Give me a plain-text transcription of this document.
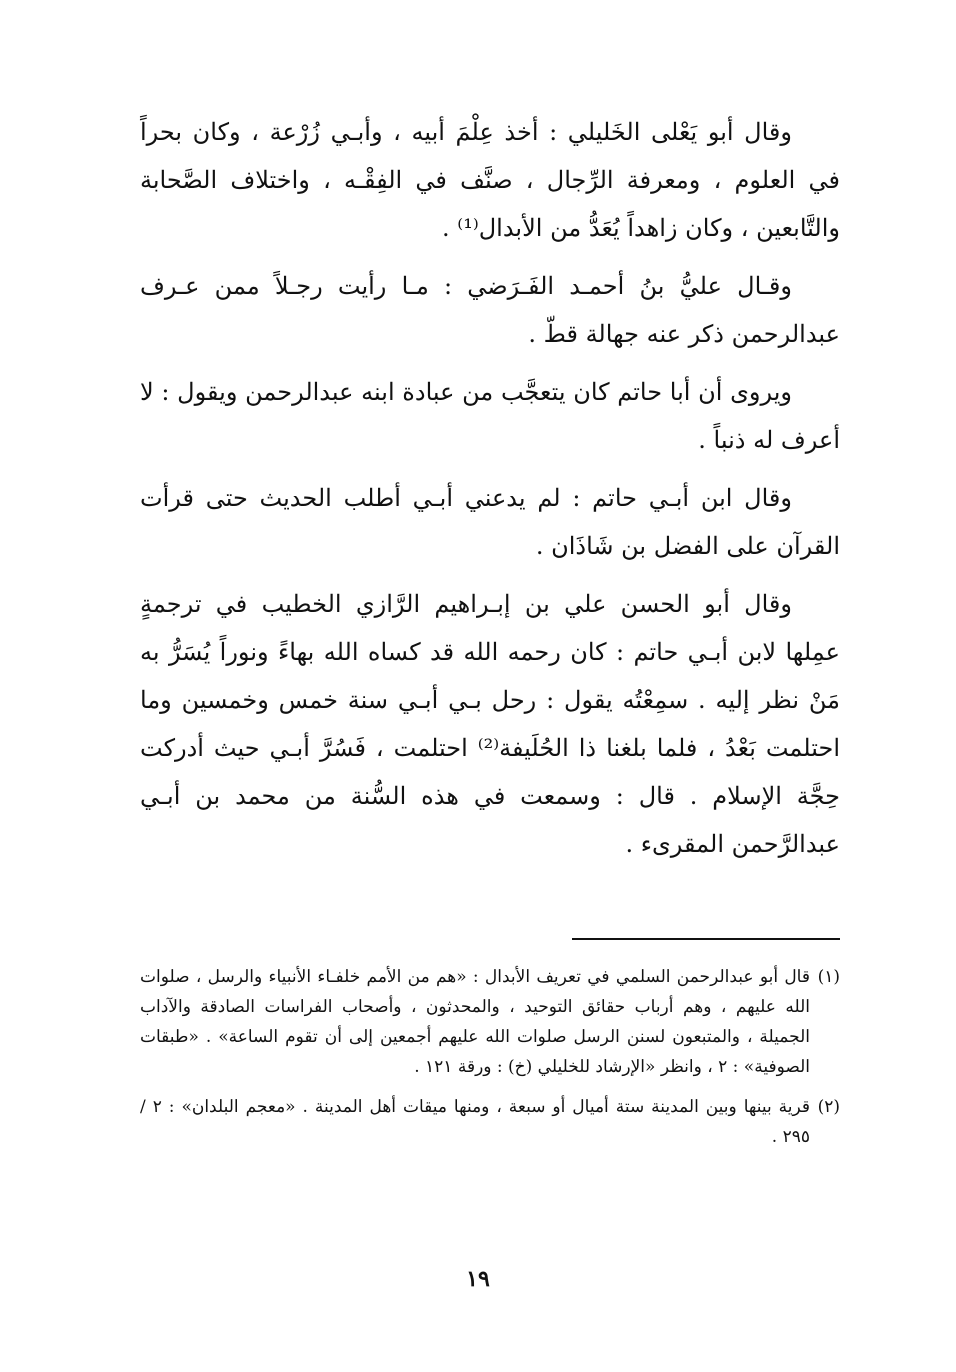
وقال أبو يَعْلى الخَليلي : أخذ عِلْمَ أبيه ، وأبـي زُرْعة ، وكان بحراً في العلوم ، ومعرفة الرِّجال ، صنَّف في الفِقْـه ، واختلاف الصَّحابة والتَّابعين ، وكان زاهداً يُعَدُّ من الأبدال⁽¹⁾ .

وقـال عليُّ بنُ أحمـد الفَـرَضي : مـا رأيت رجـلاً ممن عـرف عبدالرحمن ذكر عنه جهالة قطّ .

ويروى أن أبا حاتم كان يتعجَّب من عبادة ابنه عبدالرحمن ويقول : لا أعرف له ذنباً .

وقال ابن أبـي حاتم : لم يدعني أبـي أطلب الحديث حتى قرأت القرآن على الفضل بن شَاذَان .

وقال أبو الحسن علي بن إبـراهيم الرَّازي الخطيب في ترجمةٍ عمِلها لابن أبـي حاتم : كان رحمه الله قد كساه الله بهاءً ونوراً يُسَرُّ به مَنْ نظر إليه . سمِعْتُه يقول : رحل بـي أبـي سنة خمس وخمسين وما احتلمت بَعْدُ ، فلما بلغنا ذا الحُلَيفة⁽²⁾ احتلمت ، فَسُرَّ أبـي حيث أدركت حِجَّة الإسلام . قال : وسمعت في هذه السُّنة من محمد بن أبـي عبدالرَّحمن المقرىء .

(١)
قال أبو عبدالرحمن السلمي في تعريف الأبدال : «هم من الأمم خلفـاء الأنبياء والرسل ، صلوات الله عليهم ، وهم أرباب حقائق التوحيد ، والمحدثون ، وأصحاب الفراسات الصادقة والآداب الجميلة ، والمتبعون لسنن الرسل صلوات الله عليهم أجمعين إلى أن تقوم الساعة» . «طبقات الصوفية» : ٢ ، وانظر «الإرشاد للخليلي (خ) : ورقة ١٢١ .
(٢)
قرية بينها وبين المدينة ستة أميال أو سبعة ، ومنها ميقات أهل المدينة . «معجم البلدان» : ٢ / ٢٩٥ .
١٩
